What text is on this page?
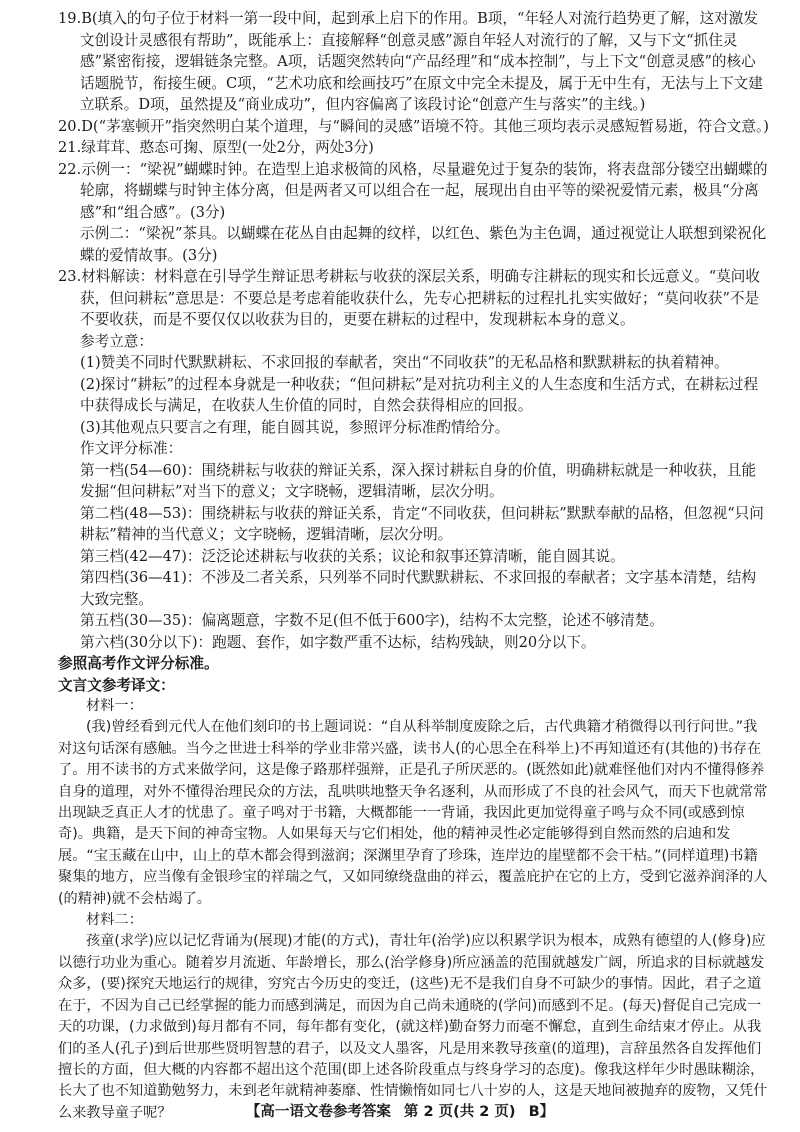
19.B(填入的句子位于材料一第一段中间，起到承上启下的作用。B项，“年轻人对流行趋势更了解，这对激发文创设计灵感很有帮助”，既能承上：直接解释“创意灵感”源自年轻人对流行的了解，又与下文“抓住灵感”紧密衔接，逻辑链条完整。A项，话题突然转向“产品经理”和“成本控制”，与上下文“创意灵感”的核心话题脱节，衔接生硬。C项，“艺术功底和绘画技巧”在原文中完全未提及，属于无中生有，无法与上下文建立联系。D项，虽然提及“商业成功”，但内容偏离了该段讨论“创意产生与落实”的主线。)

20.D(“茅塞顿开”指突然明白某个道理，与“瞬间的灵感”语境不符。其他三项均表示灵感短暂易逝，符合文意。)

21.绿茸茸、憨态可掬、原型(一处2分，两处3分)

22.示例一：“梁祝”蝴蝶时钟。在造型上追求极简的风格，尽量避免过于复杂的装饰，将表盘部分镂空出蝴蝶的轮廓，将蝴蝶与时钟主体分离，但是两者又可以组合在一起，展现出自由平等的梁祝爱情元素，极具“分离感”和“组合感”。(3分)

示例二：“梁祝”茶具。以蝴蝶在花丛自由起舞的纹样，以红色、紫色为主色调，通过视觉让人联想到梁祝化蝶的爱情故事。(3分)

23.材料解读：材料意在引导学生辩证思考耕耘与收获的深层关系，明确专注耕耘的现实和长远意义。“莫问收获，但问耕耘”意思是：不要总是考虑着能收获什么，先专心把耕耘的过程扎扎实实做好；“莫问收获”不是不要收获，而是不要仅仅以收获为目的，更要在耕耘的过程中，发现耕耘本身的意义。

参考立意：

(1)赞美不同时代默默耕耘、不求回报的奉献者，突出“不同收获”的无私品格和默默耕耘的执着精神。

(2)探讨“耕耘”的过程本身就是一种收获；“但问耕耘”是对抗功利主义的人生态度和生活方式，在耕耘过程中获得成长与满足，在收获人生价值的同时，自然会获得相应的回报。

(3)其他观点只要言之有理，能自圆其说，参照评分标准酌情给分。

作文评分标准：

第一档(54—60)：围绕耕耘与收获的辩证关系，深入探讨耕耘自身的价值，明确耕耘就是一种收获，且能发掘“但问耕耘”对当下的意义；文字晓畅，逻辑清晰，层次分明。

第二档(48—53)：围绕耕耘与收获的辩证关系，肯定“不同收获，但问耕耘”默默奉献的品格，但忽视“只问耕耘”精神的当代意义；文字晓畅，逻辑清晰，层次分明。

第三档(42—47)：泛泛论述耕耘与收获的关系；议论和叙事还算清晰，能自圆其说。

第四档(36—41)：不涉及二者关系，只列举不同时代默默耕耘、不求回报的奉献者；文字基本清楚，结构大致完整。

第五档(30—35)：偏离题意，字数不足(但不低于600字)，结构不太完整，论述不够清楚。

第六档(30分以下)：跑题、套作，如字数严重不达标，结构残缺，则20分以下。

参照高考作文评分标准。

文言文参考译文：

材料一：

(我)曾经看到元代人在他们刻印的书上题词说：“自从科举制度废除之后，古代典籍才稍微得以刊行问世。”我对这句话深有感触。当今之世进士科举的学业非常兴盛，读书人(的心思全在科举上)不再知道还有(其他的)书存在了。用不读书的方式来做学问，这是像子路那样强辩，正是孔子所厌恶的。(既然如此)就难怪他们对内不懂得修养自身的道理，对外不懂得治理民众的方法，乱哄哄地整天争名逐利，从而形成了不良的社会风气，而天下也就常常出现缺乏真正人才的忧患了。童子鸣对于书籍，大概都能一一背诵，我因此更加觉得童子鸣与众不同(或感到惊奇)。典籍，是天下间的神奇宝物。人如果每天与它们相处，他的精神灵性必定能够得到自然而然的启迪和发展。“宝玉藏在山中，山上的草木都会得到滋润；深渊里孕育了珍珠，连岸边的崖壁都不会干枯。”(同样道理)书籍聚集的地方，应当像有金银珍宝的祥瑞之气，又如同缭绕盘曲的祥云，覆盖庇护在它的上方，受到它滋养润泽的人(的精神)就不会枯竭了。

材料二：

孩童(求学)应以记忆背诵为(展现)才能(的方式)，青壮年(治学)应以积累学识为根本，成熟有德望的人(修身)应以德行功业为重心。随着岁月流逝、年龄增长，那么(治学修身)所应涵盖的范围就越发广阔，所追求的目标就越发众多，(要)探究天地运行的规律，穷究古今历史的变迁，(这些)无不是我们自身不可缺少的事情。因此，君子之道在于，不因为自己已经掌握的能力而感到满足，而因为自己尚未通晓的(学问)而感到不足。(每天)督促自己完成一天的功课，(力求做到)每月都有不同，每年都有变化，(就这样)勤奋努力而毫不懈怠，直到生命结束才停止。从我们的圣人(孔子)到后世那些贤明智慧的君子，以及文人墨客，凡是用来教导孩童(的道理)，言辞虽然各自发挥他们擅长的方面，但大概的内容都不超出这个范围(即上述各阶段重点与终身学习的态度)。像我这样年少时愚昧糊涂，长大了也不知道勤勉努力，未到老年就精神萎靡、性情懒惰如同七八十岁的人，这是天地间被抛弃的废物，又凭什么来教导童子呢？	【高一语文卷参考答案 第 2 页(共 2 页) B】
